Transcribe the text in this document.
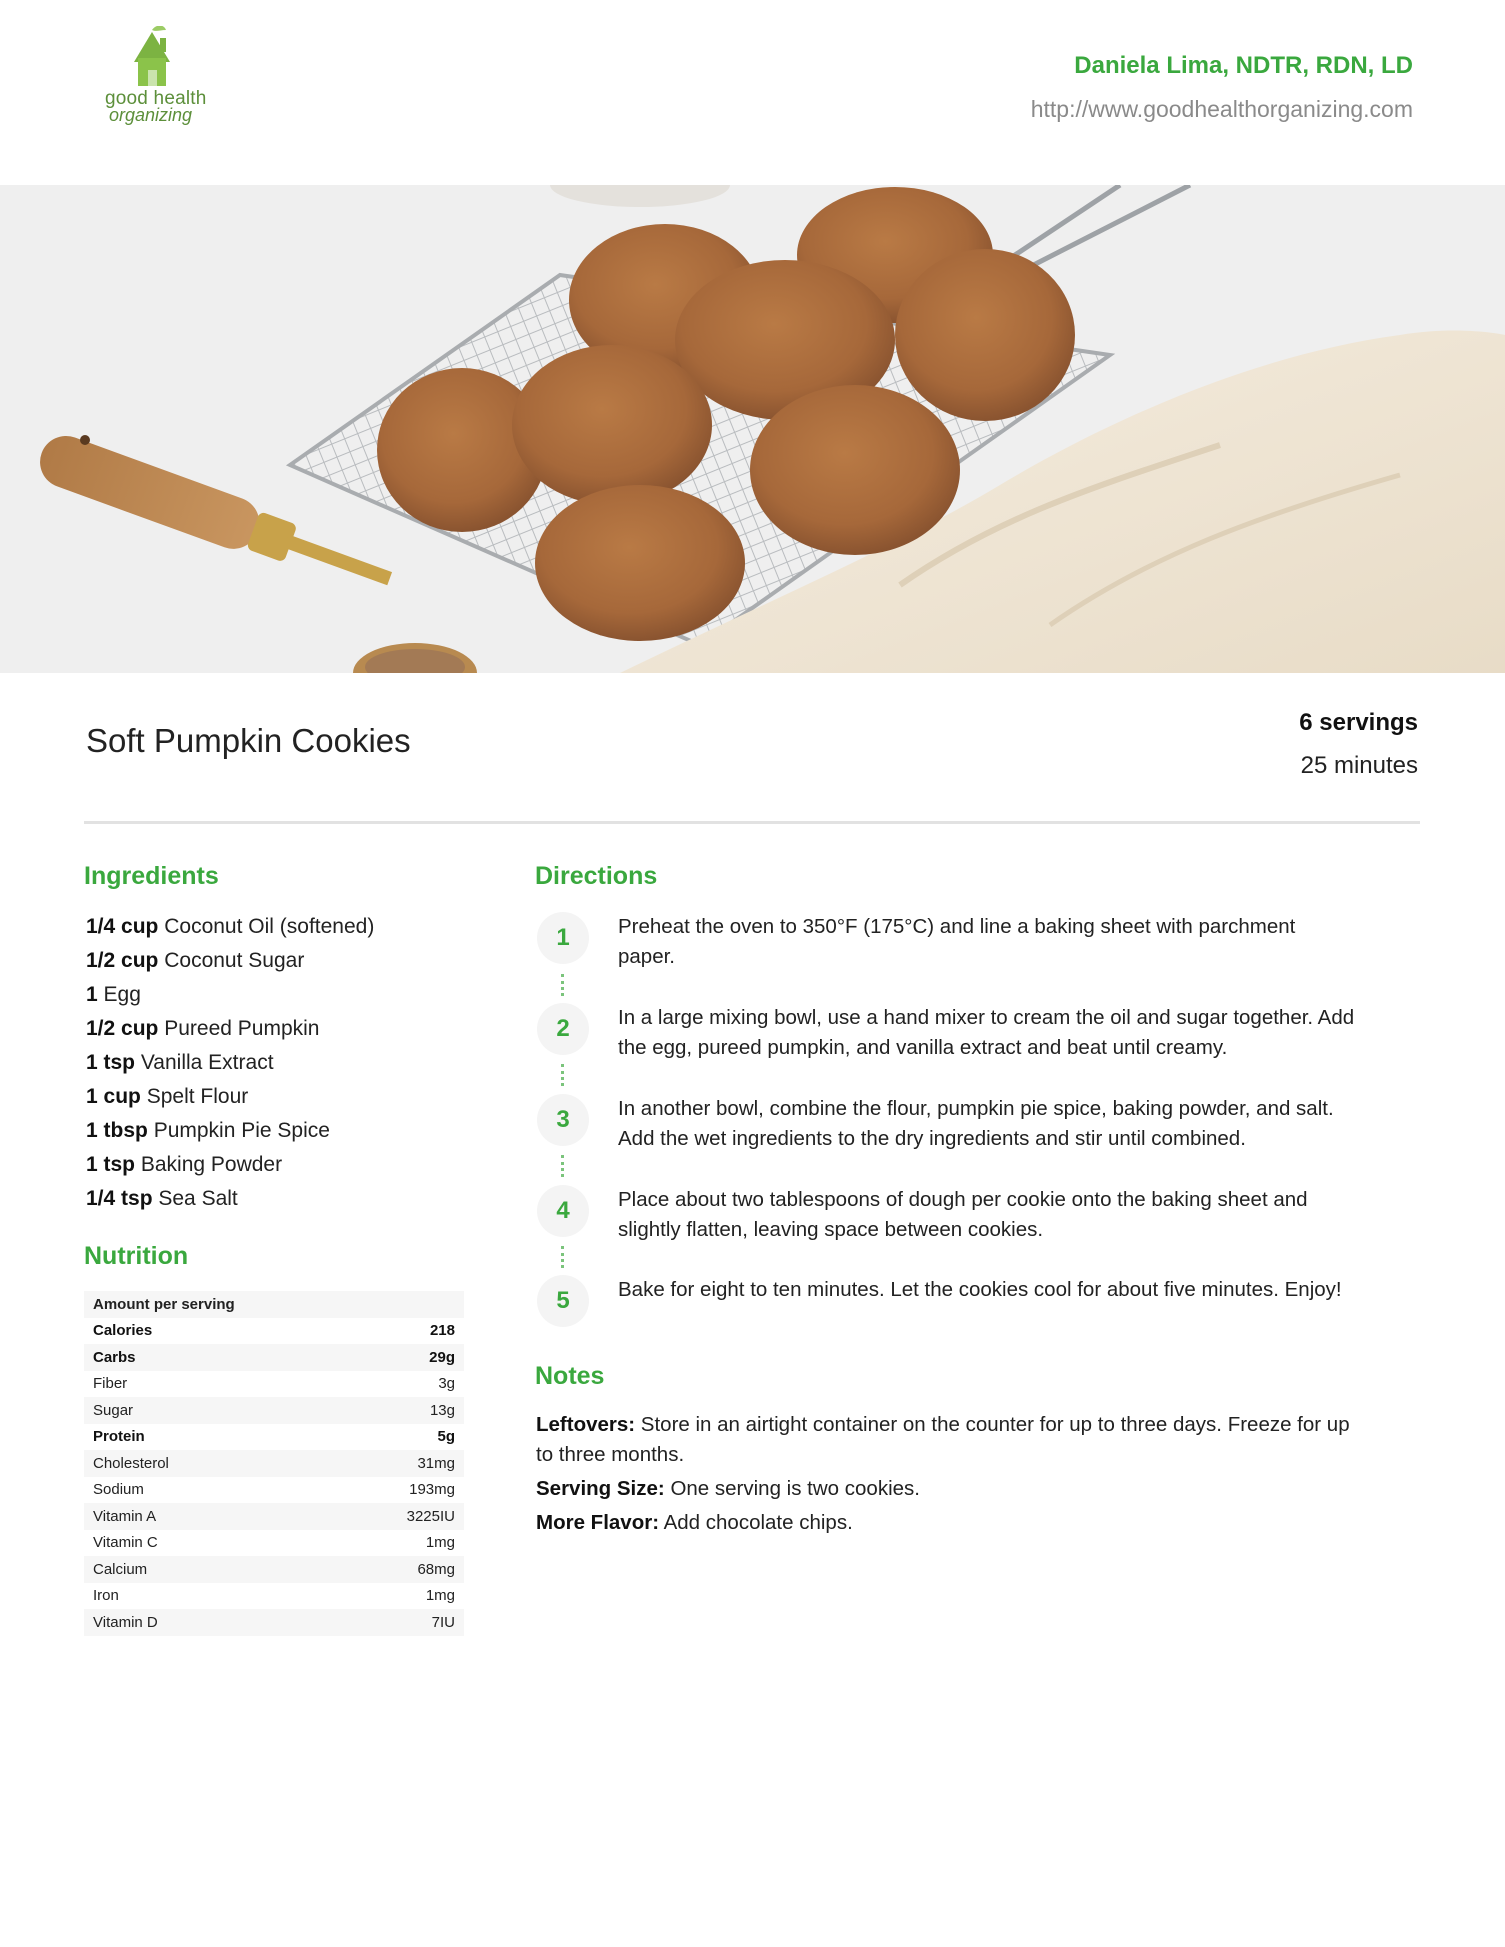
good health
organizing
Daniela Lima, NDTR, RDN, LD
http://www.goodhealthorganizing.com
Soft Pumpkin Cookies	6 servings
25 minutes
Ingredients
1/4 cup Coconut Oil (softened)
1/2 cup Coconut Sugar
1 Egg
1/2 cup Pureed Pumpkin
1 tsp Vanilla Extract
1 cup Spelt Flour
1 tbsp Pumpkin Pie Spice
1 tsp Baking Powder
1/4 tsp Sea Salt
Nutrition
Amount per serving	
Calories	218
Carbs	29g
Fiber	3g
Sugar	13g
Protein	5g
Cholesterol	31mg
Sodium	193mg
Vitamin A	3225IU
Vitamin C	1mg
Calcium	68mg
Iron	1mg
Vitamin D	7IU
Directions
1	Preheat the oven to 350°F (175°C) and line a baking sheet with parchment paper.
2	In a large mixing bowl, use a hand mixer to cream the oil and sugar together. Add the egg, pureed pumpkin, and vanilla extract and beat until creamy.
3	In another bowl, combine the flour, pumpkin pie spice, baking powder, and salt. Add the wet ingredients to the dry ingredients and stir until combined.
4	Place about two tablespoons of dough per cookie onto the baking sheet and slightly flatten, leaving space between cookies.
5	Bake for eight to ten minutes. Let the cookies cool for about five minutes. Enjoy!
Notes

Leftovers: Store in an airtight container on the counter for up to three days. Freeze for up to three months.

Serving Size: One serving is two cookies.

More Flavor: Add chocolate chips.
